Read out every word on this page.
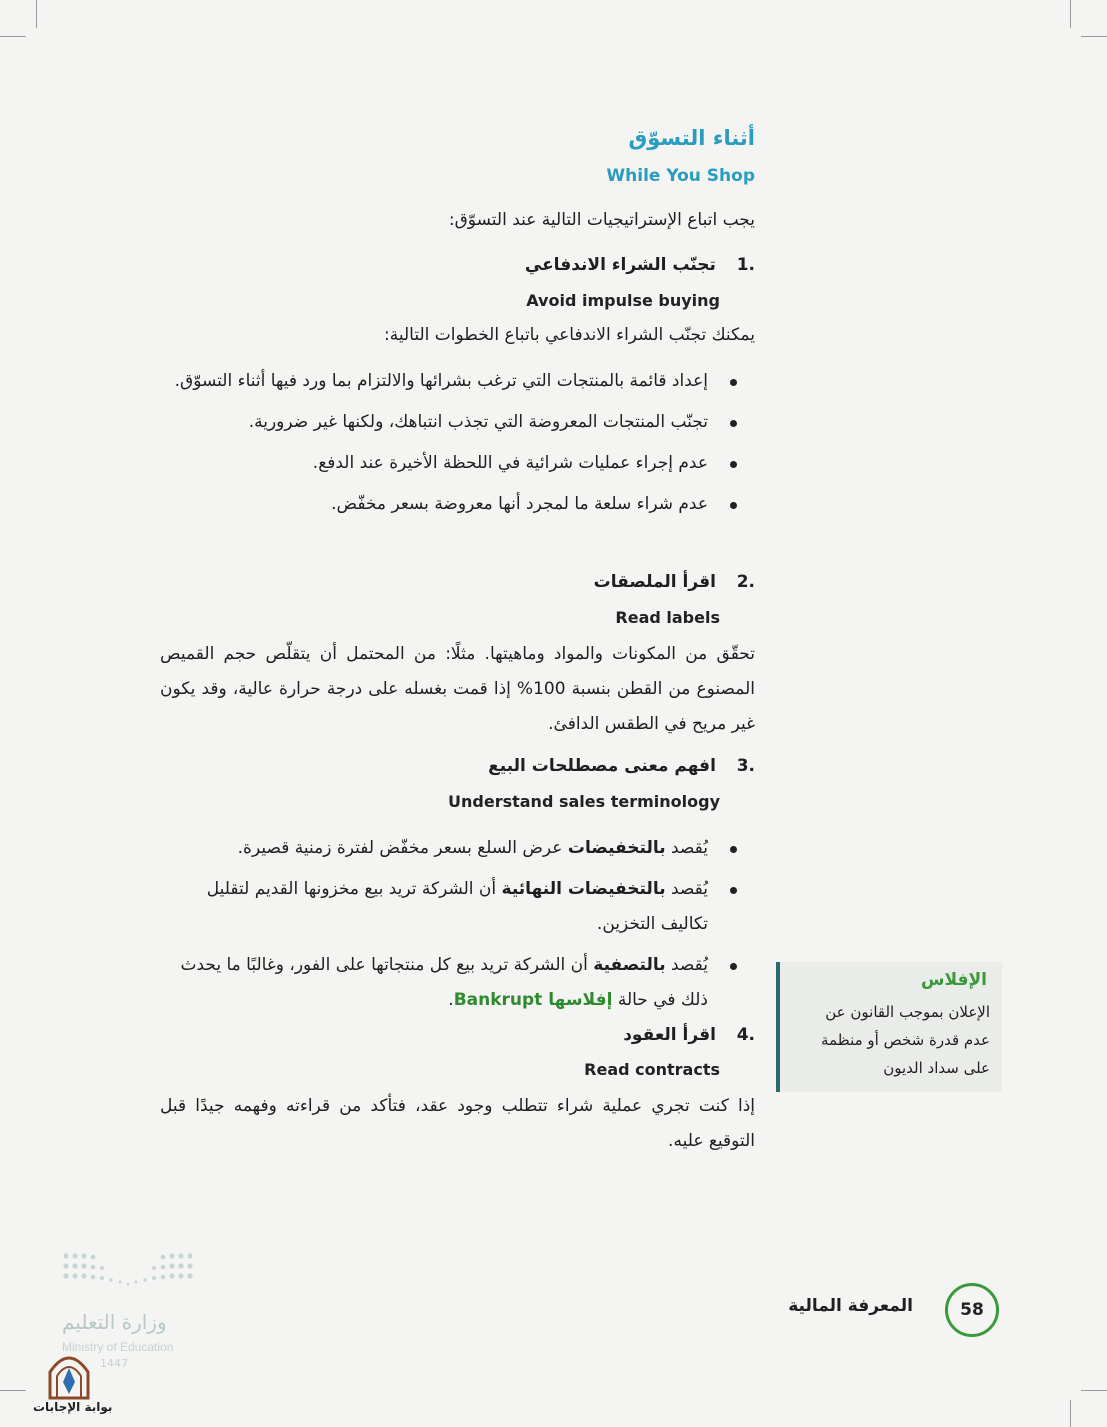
أثناء التسوّق
While You Shop
يجب اتباع الإستراتيجيات التالية عند التسوّق:
.1 تجنّب الشراء الاندفاعي
Avoid impulse buying
يمكنك تجنّب الشراء الاندفاعي باتباع الخطوات التالية:
إعداد قائمة بالمنتجات التي ترغب بشرائها والالتزام بما ورد فيها أثناء التسوّق.
تجنّب المنتجات المعروضة التي تجذب انتباهك، ولكنها غير ضرورية.
عدم إجراء عمليات شرائية في اللحظة الأخيرة عند الدفع.
عدم شراء سلعة ما لمجرد أنها معروضة بسعر مخفّض.
.2 اقرأ الملصقات
Read labels
تحقّق من المكونات والمواد وماهيتها. مثلًا: من المحتمل أن يتقلّص حجم القميص المصنوع من القطن بنسبة 100% إذا قمت بغسله على درجة حرارة عالية، وقد يكون غير مريح في الطقس الدافئ.
.3 افهم معنى مصطلحات البيع
Understand sales terminology
يُقصد بالتخفيضات عرض السلع بسعر مخفّض لفترة زمنية قصيرة.
يُقصد بالتخفيضات النهائية أن الشركة تريد بيع مخزونها القديم لتقليل تكاليف التخزين.
يُقصد بالتصفية أن الشركة تريد بيع كل منتجاتها على الفور، وغالبًا ما يحدث ذلك في حالة إفلاسها Bankrupt.
.4 اقرأ العقود
Read contracts
إذا كنت تجري عملية شراء تتطلب وجود عقد، فتأكد من قراءته وفهمه جيدًا قبل التوقيع عليه.
الإفلاس
الإعلان بموجب القانون عن عدم قدرة شخص أو منظمة على سداد الديون
58
المعرفة المالية
وزارة التعليم
Ministry of Education
1447
بوابة الإجابات
